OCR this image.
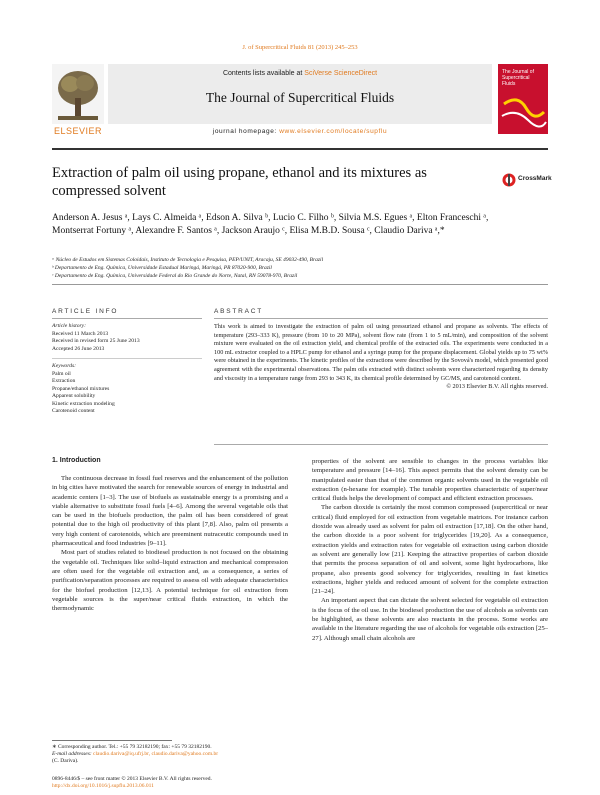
J. of Supercritical Fluids 81 (2013) 245–253
ELSEVIER
Contents lists available at SciVerse ScienceDirect
The Journal of Supercritical Fluids
journal homepage: www.elsevier.com/locate/supflu
The Journal of Supercritical Fluids
Extraction of palm oil using propane, ethanol and its mixtures as compressed solvent
CrossMark
Anderson A. Jesus ᵃ, Lays C. Almeida ᵃ, Edson A. Silva ᵇ, Lucio C. Filho ᵇ, Silvia M.S. Egues ᵃ, Elton Franceschi ᵃ, Montserrat Fortuny ᵃ, Alexandre F. Santos ᵃ, Jackson Araujo ᶜ, Elisa M.B.D. Sousa ᶜ, Claudio Dariva ᵃ,*
ᵃ Núcleo de Estudos em Sistemas Coloidais, Instituto de Tecnologia e Pesquisa, PEP/UNIT, Aracaju, SE 49032-490, Brazil
ᵇ Departamento de Eng. Química, Universidade Estadual Maringá, Maringá, PR 87020-900, Brazil
ᶜ Departamento de Eng. Química, Universidade Federal do Rio Grande do Norte, Natal, RN 59078-970, Brazil
ARTICLE INFO	ABSTRACT
Article history:
Received 11 March 2013
Received in revised form 25 June 2013
Accepted 26 June 2013
Keywords:
Palm oil
Extraction
Propane/ethanol mixtures
Apparent solubility
Kinetic extraction modeling
Carotenoid content
This work is aimed to investigate the extraction of palm oil using pressurized ethanol and propane as solvents. The effects of temperature (293–333 K), pressure (from 10 to 20 MPa), solvent flow rate (from 1 to 5 mL/min), and composition of the solvent mixture were evaluated on the oil extraction yield, and chemical profile of the extracted oils. The experiments were conducted in a 100 mL extractor coupled to a HPLC pump for ethanol and a syringe pump for the propane displacement. Global yields up to 75 wt% were obtained in the experiments. The kinetic profiles of the extractions were described by the Sovová's model, which presented good agreement with the experimental observations. The palm oils extracted with distinct solvents were characterized regarding its density and viscosity in a temperature range from 293 to 343 K, its chemical profile determined by GC/MS, and carotenoid content.
© 2013 Elsevier B.V. All rights reserved.
1. Introduction

The continuous decrease in fossil fuel reserves and the enhancement of the pollution in big cities have motivated the search for renewable sources of energy in industrial and academic centers [1–3]. The use of biofuels as sustainable energy is a promising and a viable alternative to substitute fossil fuels [4–6]. Among the several vegetable oils that can be used in the biofuels production, the palm oil has been considered of great potential due to the high oil productivity of this plant [7,8]. Also, palm oil presents a very high content of carotenoids, which are preeminent nutraceutic compounds used in pharmaceutical and food industries [9–11].

Most part of studies related to biodiesel production is not focused on the obtaining the vegetable oil. Techniques like solid–liquid extraction and mechanical compression are often used for the vegetable oil extraction and, as a consequence, a series of purification/separation processes are required to assess oil with adequate characteristics for the biofuel production [12,13]. A potential technique for oil extraction from vegetable sources is the super/near critical fluids extraction, in which the thermodynamic

properties of the solvent are sensible to changes in the process variables like temperature and pressure [14–16]. This aspect permits that the solvent density can be manipulated easier than that of the common organic solvents used in the vegetable oil extraction (n-hexane for example). The tunable properties characteristic of super/near critical fluids helps the development of compact and efficient extraction processes.

The carbon dioxide is certainly the most common compressed (supercritical or near critical) fluid employed for oil extraction from vegetable matrices. For instance carbon dioxide was already used as solvent for palm oil extraction [17,18]. On the other hand, the carbon dioxide is a poor solvent for triglycerides [19,20]. As a consequence, extraction yields and extraction rates for vegetable oil extraction using carbon dioxide as solvent are generally low [21]. Keeping the attractive properties of carbon dioxide that permits the process separation of oil and solvent, some light hydrocarbons, like propane, also presents good solvency for triglycerides, resulting in fast kinetics extractions, higher yields and reduced amount of solvent for the complete extraction [21–24].

An important aspect that can dictate the solvent selected for vegetable oil extraction is the focus of the oil use. In the biodiesel production the use of alcohols as solvents can be highlighted, as these solvents are also reactants in the process. Some works are available in the literature regarding the use of alcohols for vegetable oils extraction [25–27]. Although small chain alcohols are

∗ Corresponding author. Tel.: +55 79 32182190; fax: +55 79 32182190.
E-mail addresses: claudio.dariva@iq.ufrj.br, claudio.dariva@yahoo.com.br
(C. Dariva).
0896-8446/$ – see front matter © 2013 Elsevier B.V. All rights reserved.
http://dx.doi.org/10.1016/j.supflu.2013.06.011
